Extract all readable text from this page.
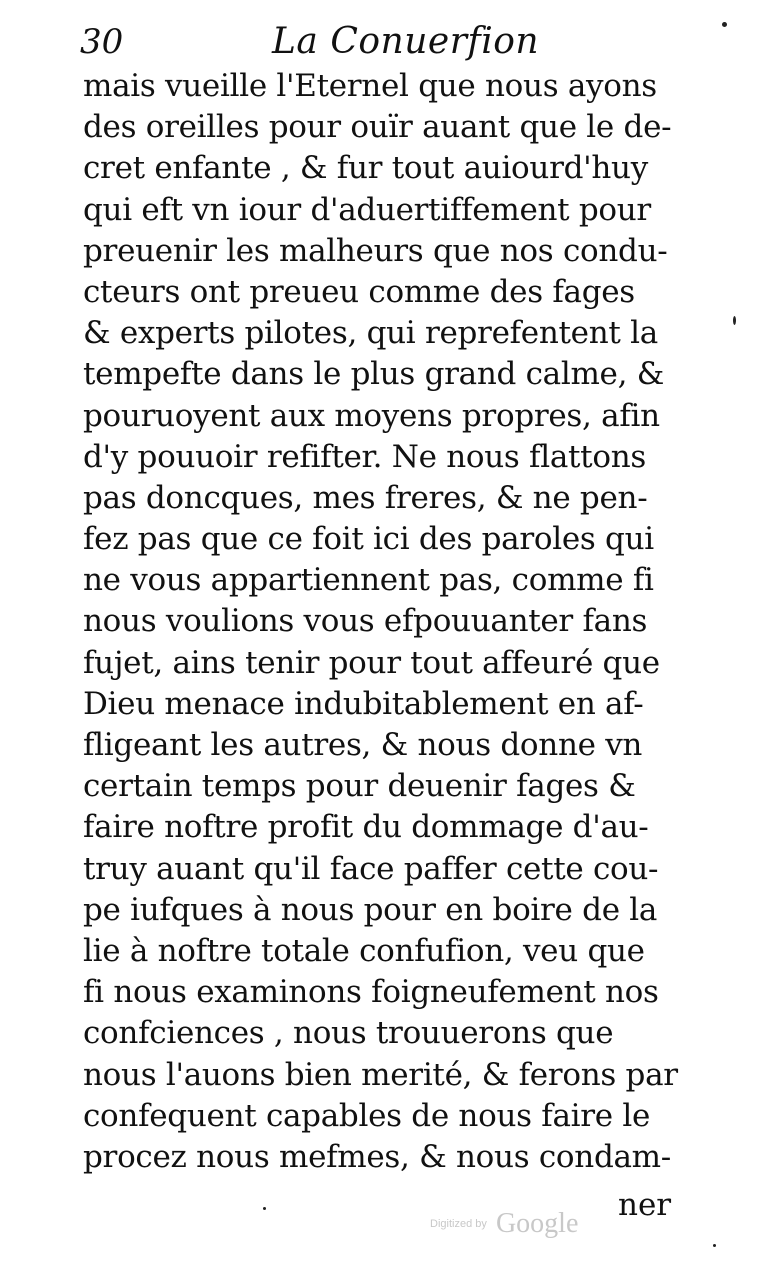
30	La Conuerfion
mais vueille l'Eternel que nous ayons
des oreilles pour ouïr auant que le de-
cret enfante , & fur tout auiourd'huy
qui eft vn iour d'aduertiffement pour
preuenir les malheurs que nos condu-
cteurs ont preueu comme des fages
& experts pilotes, qui reprefentent la
tempefte dans le plus grand calme, &
pouruoyent aux moyens propres, afin
d'y pouuoir refifter. Ne nous flattons
pas doncques, mes freres, & ne pen-
fez pas que ce foit ici des paroles qui
ne vous appartiennent pas, comme fi
nous voulions vous efpouuanter fans
fujet, ains tenir pour tout affeuré que
Dieu menace indubitablement en af-
fligeant les autres, & nous donne vn
certain temps pour deuenir fages &
faire noftre profit du dommage d'au-
truy auant qu'il face paffer cette cou-
pe iufques à nous pour en boire de la
lie à noftre totale confufion, veu que
fi nous examinons foigneufement nos
confciences , nous trouuerons que
nous l'auons bien merité, & ferons par
confequent capables de nous faire le
procez nous mefmes, & nous condam-
ner
Digitized by Google
